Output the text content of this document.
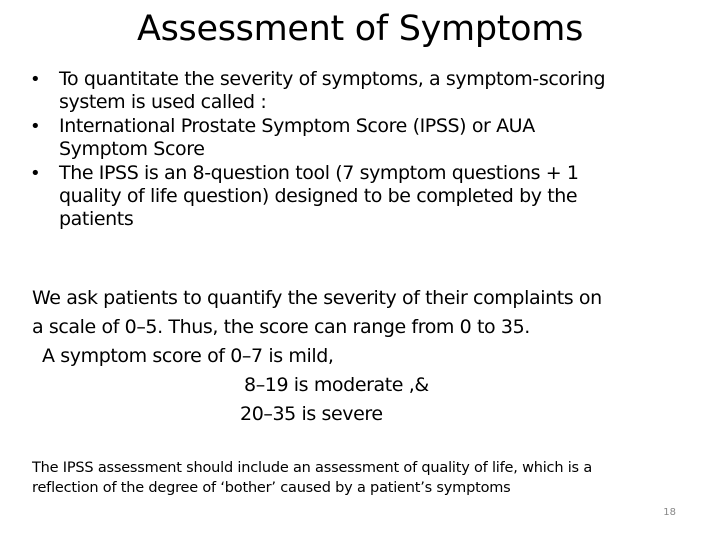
Assessment of Symptoms
• To quantitate the severity of symptoms, a symptom-scoring
system is used called :
• International Prostate Symptom Score (IPSS) or AUA
Symptom Score
• The IPSS is an 8-question tool (7 symptom questions + 1
quality of life question) designed to be completed by the
patients
We ask patients to quantify the severity of their complaints on
a scale of 0–5. Thus, the score can range from 0 to 35.
A symptom score of 0–7 is mild,
8–19 is moderate ,&
20–35 is severe
The IPSS assessment should include an assessment of quality of life, which is a
reflection of the degree of ‘bother’ caused by a patient’s symptoms
18
